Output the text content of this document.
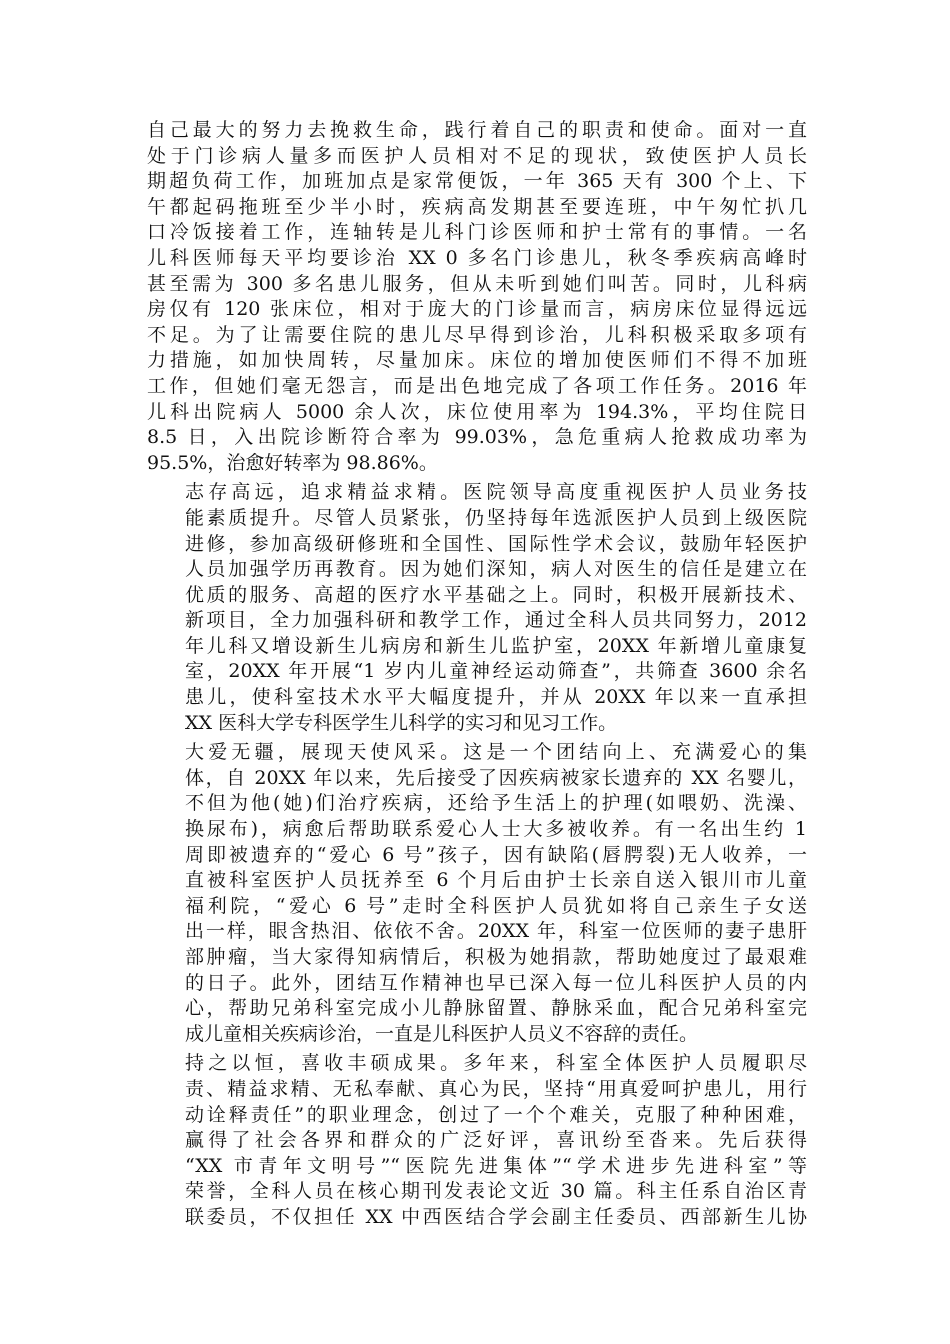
自己最大的努力去挽救生命，践行着自己的职责和使命。面对一直
处于门诊病人量多而医护人员相对不足的现状，致使医护人员长
期超负荷工作，加班加点是家常便饭，一年 365 天有 300 个上、下
午都起码拖班至少半小时，疾病高发期甚至要连班，中午匆忙扒几
口冷饭接着工作，连轴转是儿科门诊医师和护士常有的事情。一名
儿科医师每天平均要诊治 XX 0 多名门诊患儿，秋冬季疾病高峰时
甚至需为 300 多名患儿服务，但从未听到她们叫苦。同时，儿科病
房仅有 120 张床位，相对于庞大的门诊量而言，病房床位显得远远
不足。为了让需要住院的患儿尽早得到诊治，儿科积极采取多项有
力措施，如加快周转，尽量加床。床位的增加使医师们不得不加班
工作，但她们毫无怨言，而是出色地完成了各项工作任务。2016 年
儿科出院病人 5000 余人次，床位使用率为 194.3%，平均住院日
8.5 日，入出院诊断符合率为 99.03%，急危重病人抢救成功率为
95.5%，治愈好转率为 98.86%。
志存高远，追求精益求精。医院领导高度重视医护人员业务技
能素质提升。尽管人员紧张，仍坚持每年选派医护人员到上级医院
进修，参加高级研修班和全国性、国际性学术会议，鼓励年轻医护
人员加强学历再教育。因为她们深知，病人对医生的信任是建立在
优质的服务、高超的医疗水平基础之上。同时，积极开展新技术、
新项目，全力加强科研和教学工作，通过全科人员共同努力，2012
年儿科又增设新生儿病房和新生儿监护室，20XX 年新增儿童康复
室，20XX 年开展“1 岁内儿童神经运动筛查”，共筛查 3600 余名
患儿，使科室技术水平大幅度提升，并从 20XX 年以来一直承担
XX 医科大学专科医学生儿科学的实习和见习工作。
大爱无疆，展现天使风采。这是一个团结向上、充满爱心的集
体，自 20XX 年以来，先后接受了因疾病被家长遗弃的 XX 名婴儿，
不但为他(她)们治疗疾病，还给予生活上的护理(如喂奶、洗澡、
换尿布)，病愈后帮助联系爱心人士大多被收养。有一名出生约 1
周即被遗弃的“爱心 6 号”孩子，因有缺陷(唇腭裂)无人收养，一
直被科室医护人员抚养至 6 个月后由护士长亲自送入银川市儿童
福利院，“爱心 6 号”走时全科医护人员犹如将自己亲生子女送
出一样，眼含热泪、依依不舍。20XX 年，科室一位医师的妻子患肝
部肿瘤，当大家得知病情后，积极为她捐款，帮助她度过了最艰难
的日子。此外，团结互作精神也早已深入每一位儿科医护人员的内
心，帮助兄弟科室完成小儿静脉留置、静脉采血，配合兄弟科室完
成儿童相关疾病诊治，一直是儿科医护人员义不容辞的责任。
持之以恒，喜收丰硕成果。多年来，科室全体医护人员履职尽
责、精益求精、无私奉献、真心为民，坚持“用真爱呵护患儿，用行
动诠释责任”的职业理念，创过了一个个难关，克服了种种困难，
赢得了社会各界和群众的广泛好评，喜讯纷至沓来。先后获得
“XX 市青年文明号”“医院先进集体”“学术进步先进科室”等
荣誉，全科人员在核心期刊发表论文近 30 篇。科主任系自治区青
联委员，不仅担任 XX 中西医结合学会副主任委员、西部新生儿协
